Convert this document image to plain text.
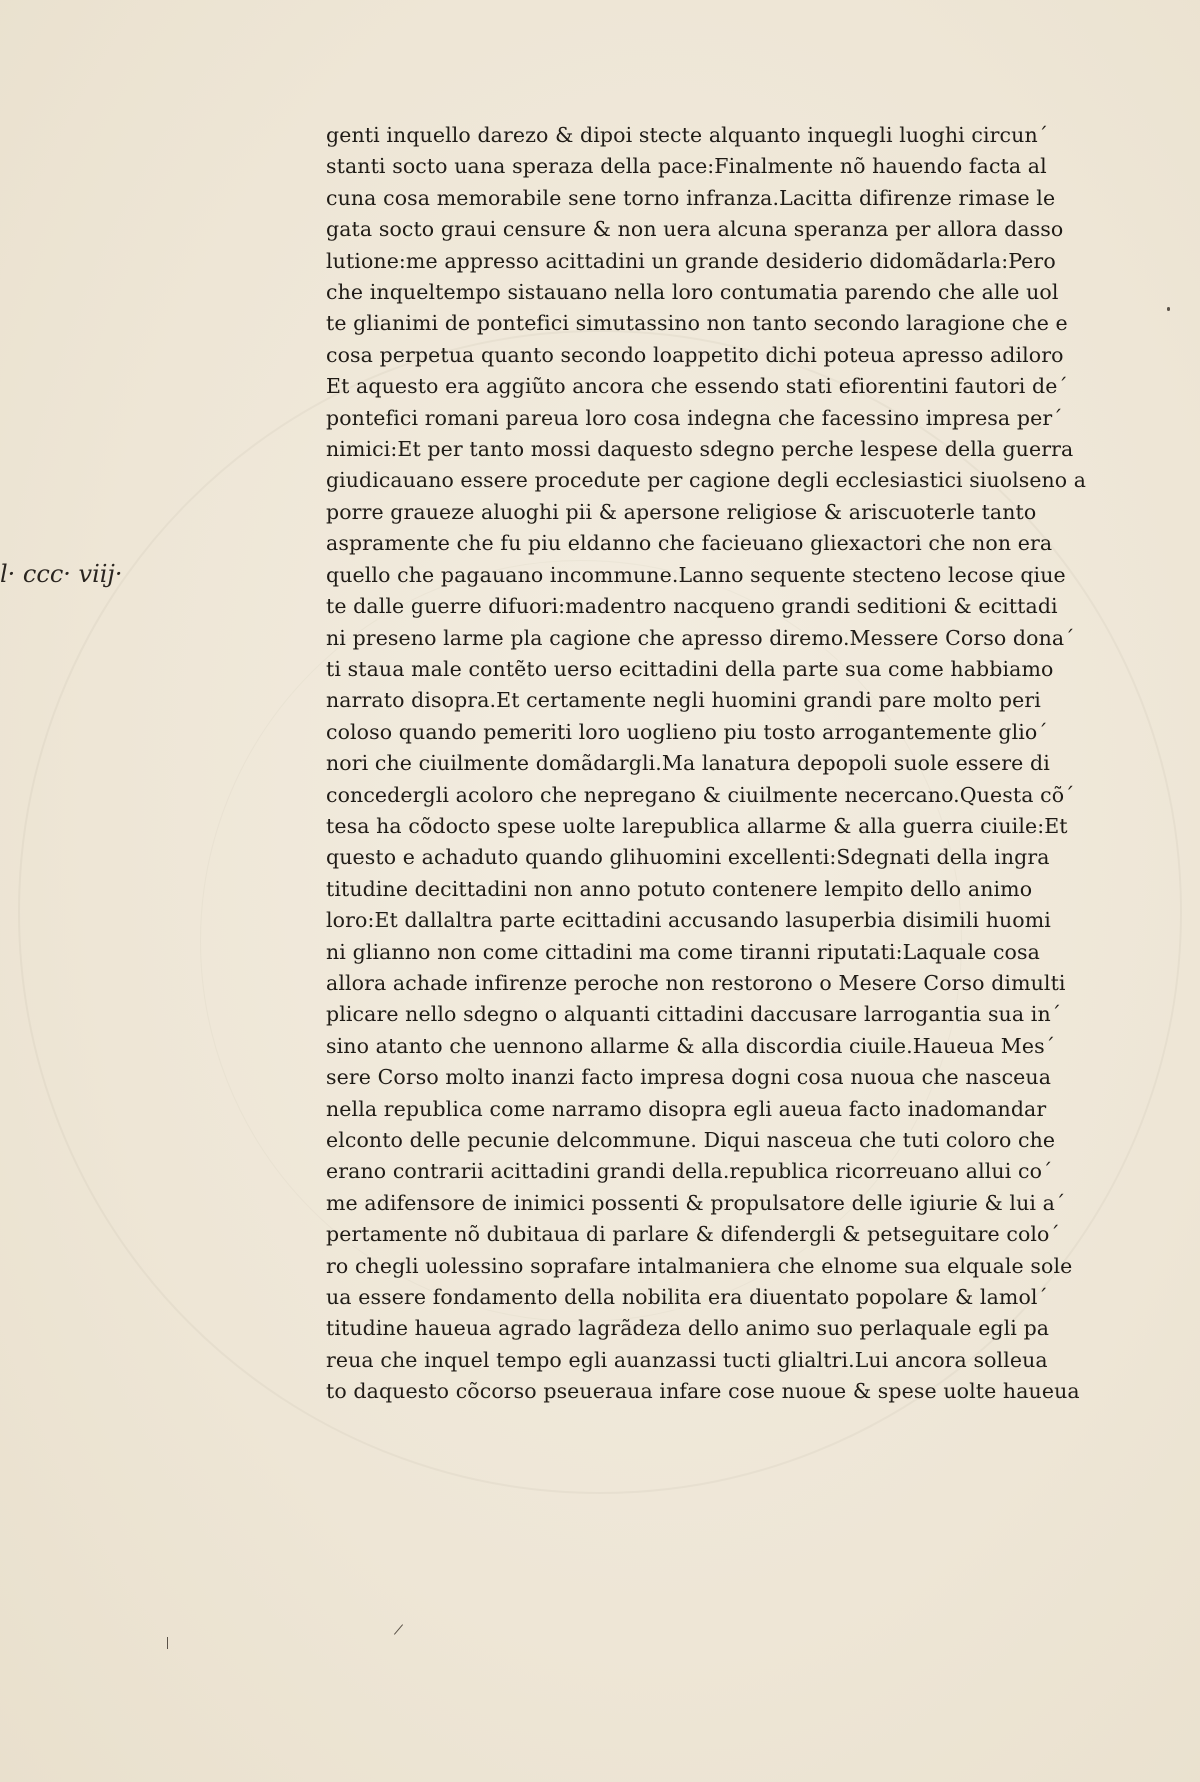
l· ccc· viij·
genti inquello darezo & dipoi stecte alquanto inquegli luoghi circun´
stanti socto uana speraza della pace:Finalmente nõ hauendo facta al
cuna cosa memorabile sene torno infranza.Lacitta difirenze rimase le
gata socto graui censure & non uera alcuna speranza per allora dasso
lutione:me appresso acittadini un grande desiderio didomãdarla:Pero
che inqueltempo sistauano nella loro contumatia parendo che alle uol
te glianimi de pontefici simutassino non tanto secondo laragione che e
cosa perpetua quanto secondo loappetito dichi poteua apresso adiloro
Et aquesto era aggiũto ancora che essendo stati efiorentini fautori de´
pontefici romani pareua loro cosa indegna che facessino impresa per´
nimici:Et per tanto mossi daquesto sdegno perche lespese della guerra
giudicauano essere procedute per cagione degli ecclesiastici siuolseno a
porre graueze aluoghi pii & apersone religiose & ariscuoterle tanto
aspramente che fu piu eldanno che facieuano gliexactori che non era
quello che pagauano incommune.Lanno sequente stecteno lecose qiue
te dalle guerre difuori:madentro nacqueno grandi seditioni & ecittadi
ni preseno larme pla cagione che apresso diremo.Messere Corso dona´
ti staua male contẽto uerso ecittadini della parte sua come habbiamo
narrato disopra.Et certamente negli huomini grandi pare molto peri
coloso quando pemeriti loro uoglieno piu tosto arrogantemente glio´
nori che ciuilmente domãdargli.Ma lanatura depopoli suole essere di
concedergli acoloro che nepregano & ciuilmente necercano.Questa cõ´
tesa ha cõdocto spese uolte larepublica allarme & alla guerra ciuile:Et
questo e achaduto quando glihuomini excellenti:Sdegnati della ingra
titudine decittadini non anno potuto contenere lempito dello animo
loro:Et dallaltra parte ecittadini accusando lasuperbia disimili huomi
ni glianno non come cittadini ma come tiranni riputati:Laquale cosa
allora achade infirenze peroche non restorono o Mesere Corso dimulti
plicare nello sdegno o alquanti cittadini daccusare larrogantia sua in´
sino atanto che uennono allarme & alla discordia ciuile.Haueua Mes´
sere Corso molto inanzi facto impresa dogni cosa nuoua che nasceua
nella republica come narramo disopra egli aueua facto inadomandar
elconto delle pecunie delcommune. Diqui nasceua che tuti coloro che
erano contrarii acittadini grandi della.republica ricorreuano allui co´
me adifensore de inimici possenti & propulsatore delle igiurie & lui a´
pertamente nõ dubitaua di parlare & difendergli & petseguitare colo´
ro chegli uolessino soprafare intalmaniera che elnome sua elquale sole
ua essere fondamento della nobilita era diuentato popolare & lamol´
titudine haueua agrado lagrãdeza dello animo suo perlaquale egli pa
reua che inquel tempo egli auanzassi tucti glialtri.Lui ancora solleua
to daquesto cõcorso pseueraua infare cose nuoue & spese uolte haueua
